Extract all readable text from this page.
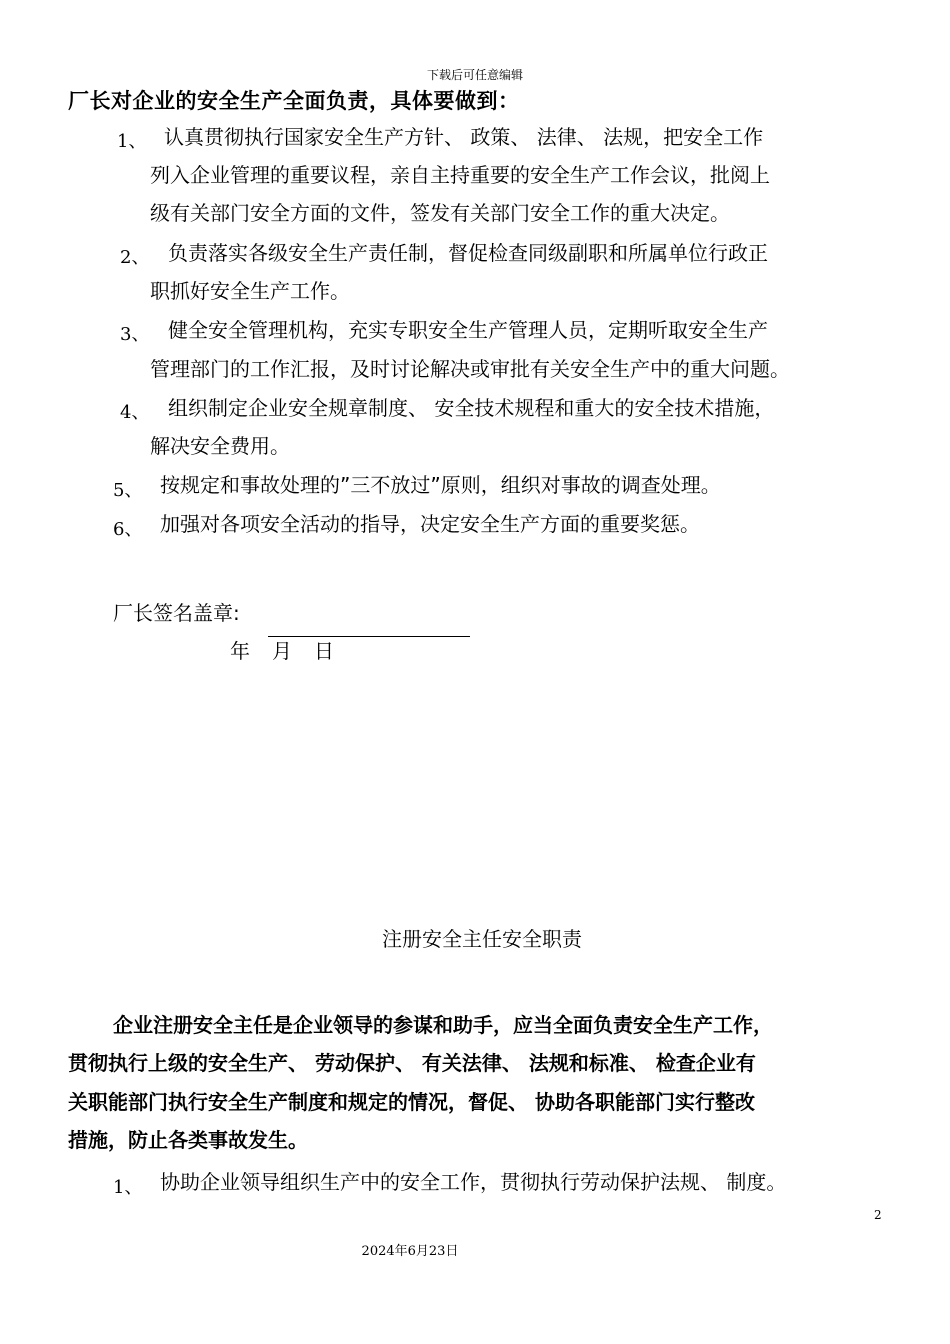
下载后可任意编辑
厂长对企业的安全生产全面负责，具体要做到：
1、 认真贯彻执行国家安全生产方针、 政策、 法律、 法规，把安全工作
列入企业管理的重要议程，亲自主持重要的安全生产工作会议，批阅上
级有关部门安全方面的文件，签发有关部门安全工作的重大决定。
2、 负责落实各级安全生产责任制，督促检查同级副职和所属单位行政正
职抓好安全生产工作。
3、 健全安全管理机构，充实专职安全生产管理人员，定期听取安全生产
管理部门的工作汇报，及时讨论解决或审批有关安全生产中的重大问题。
4、 组织制定企业安全规章制度、 安全技术规程和重大的安全技术措施，
解决安全费用。
5、 按规定和事故处理的”三不放过”原则，组织对事故的调查处理。
6、 加强对各项安全活动的指导，决定安全生产方面的重要奖惩。
厂长签名盖章:
年 月 日
注册安全主任安全职责
企业注册安全主任是企业领导的参谋和助手，应当全面负责安全生产工作，
贯彻执行上级的安全生产、 劳动保护、 有关法律、 法规和标准、 检查企业有
关职能部门执行安全生产制度和规定的情况，督促、 协助各职能部门实行整改
措施，防止各类事故发生。
1、 协助企业领导组织生产中的安全工作，贯彻执行劳动保护法规、 制度。
2
2024年6月23日
